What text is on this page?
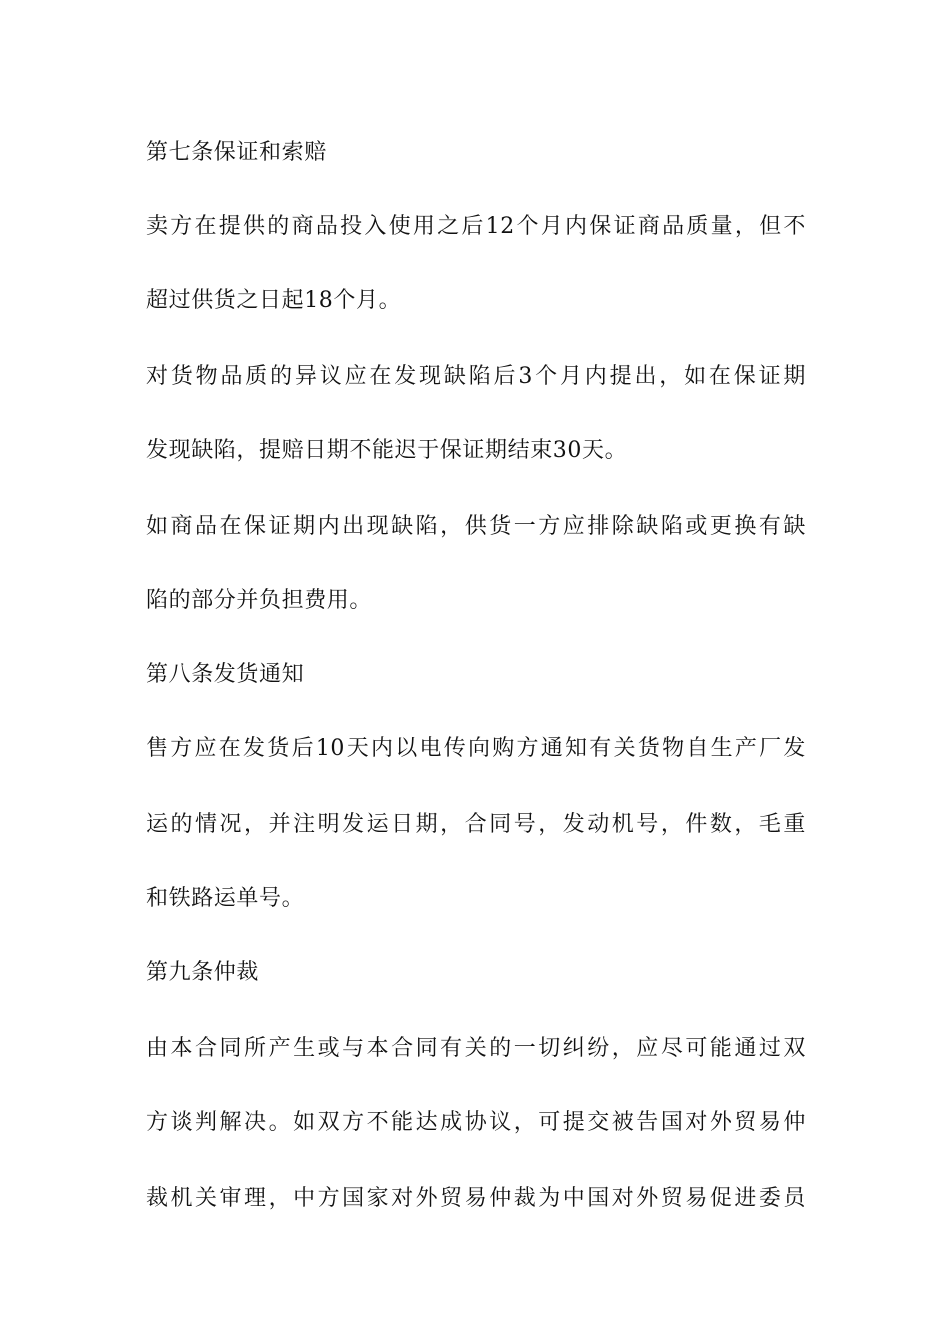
第七条保证和索赔
卖方在提供的商品投入使用之后12个月内保证商品质量，但不
超过供货之日起18个月。
对货物品质的异议应在发现缺陷后3个月内提出，如在保证期
发现缺陷，提赔日期不能迟于保证期结束30天。
如商品在保证期内出现缺陷，供货一方应排除缺陷或更换有缺
陷的部分并负担费用。
第八条发货通知
售方应在发货后10天内以电传向购方通知有关货物自生产厂发
运的情况，并注明发运日期，合同号，发动机号，件数，毛重
和铁路运单号。
第九条仲裁
由本合同所产生或与本合同有关的一切纠纷，应尽可能通过双
方谈判解决。如双方不能达成协议，可提交被告国对外贸易仲
裁机关审理，中方国家对外贸易仲裁为中国对外贸易促进委员
